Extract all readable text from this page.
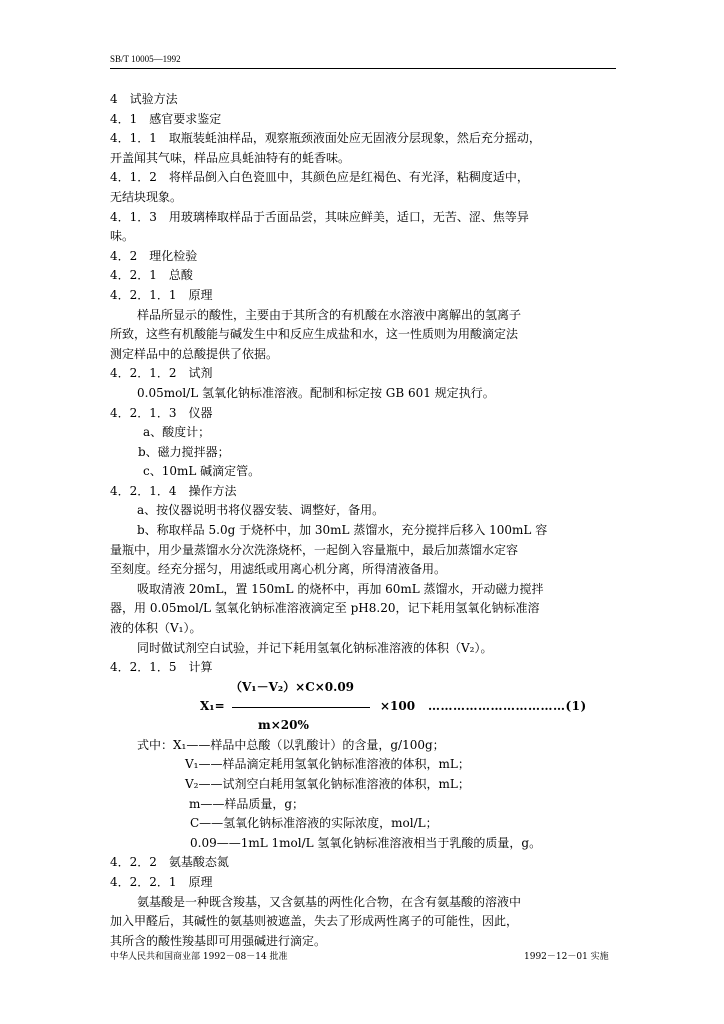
SB/T 10005—1992
4　试验方法
4．1　感官要求鉴定
4．1．1　取瓶装蚝油样品，观察瓶颈液面处应无固液分层现象，然后充分摇动，
开盖闻其气味，样品应具蚝油特有的蚝香味。
4．1．2　将样品倒入白色瓷皿中，其颜色应是红褐色、有光泽，粘稠度适中，
无结块现象。
4．1．3　用玻璃棒取样品于舌面品尝，其味应鲜美，适口，无苦、涩、焦等异
味。
4．2　理化检验
4．2．1　总酸
4．2．1．1　原理
样品所显示的酸性，主要由于其所含的有机酸在水溶液中离解出的氢离子
所致，这些有机酸能与碱发生中和反应生成盐和水，这一性质则为用酸滴定法
测定样品中的总酸提供了依据。
4．2．1．2　试剂
0.05mol/L 氢氧化钠标准溶液。配制和标定按 GB 601 规定执行。
4．2．1．3　仪器
a、酸度计；
b、磁力搅拌器；
c、10mL 碱滴定管。
4．2．1．4　操作方法
a、按仪器说明书将仪器安装、调整好，备用。
b、称取样品 5.0g 于烧杯中，加 30mL 蒸馏水，充分搅拌后移入 100mL 容
量瓶中，用少量蒸馏水分次洗涤烧杯，一起倒入容量瓶中，最后加蒸馏水定容
至刻度。经充分摇匀，用滤纸或用离心机分离，所得清液备用。
吸取清液 20mL，置 150mL 的烧杯中，再加 60mL 蒸馏水，开动磁力搅拌
器，用 0.05mol/L 氢氧化钠标准溶液滴定至 pH8.20，记下耗用氢氧化钠标准溶
液的体积（V₁）。
同时做试剂空白试验，并记下耗用氢氧化钠标准溶液的体积（V₂）。
4．2．1．5　计算
（V₁－V₂）×C×0.09
X₁=	×100 ……………………………(1)
m×20%
式中：X₁——样品中总酸（以乳酸计）的含量，g/100g；
V₁——样品滴定耗用氢氧化钠标准溶液的体积，mL；
V₂——试剂空白耗用氢氧化钠标准溶液的体积，mL；
m——样品质量，g；
C——氢氧化钠标准溶液的实际浓度，mol/L；
0.09——1mL 1mol/L 氢氧化钠标准溶液相当于乳酸的质量，g。
4．2．2　氨基酸态氮
4．2．2．1　原理
氨基酸是一种既含羧基，又含氨基的两性化合物，在含有氨基酸的溶液中
加入甲醛后，其碱性的氨基则被遮盖，失去了形成两性离子的可能性，因此，
其所含的酸性羧基即可用强碱进行滴定。
中华人民共和国商业部 1992－08－14 批准	1992－12－01 实施
